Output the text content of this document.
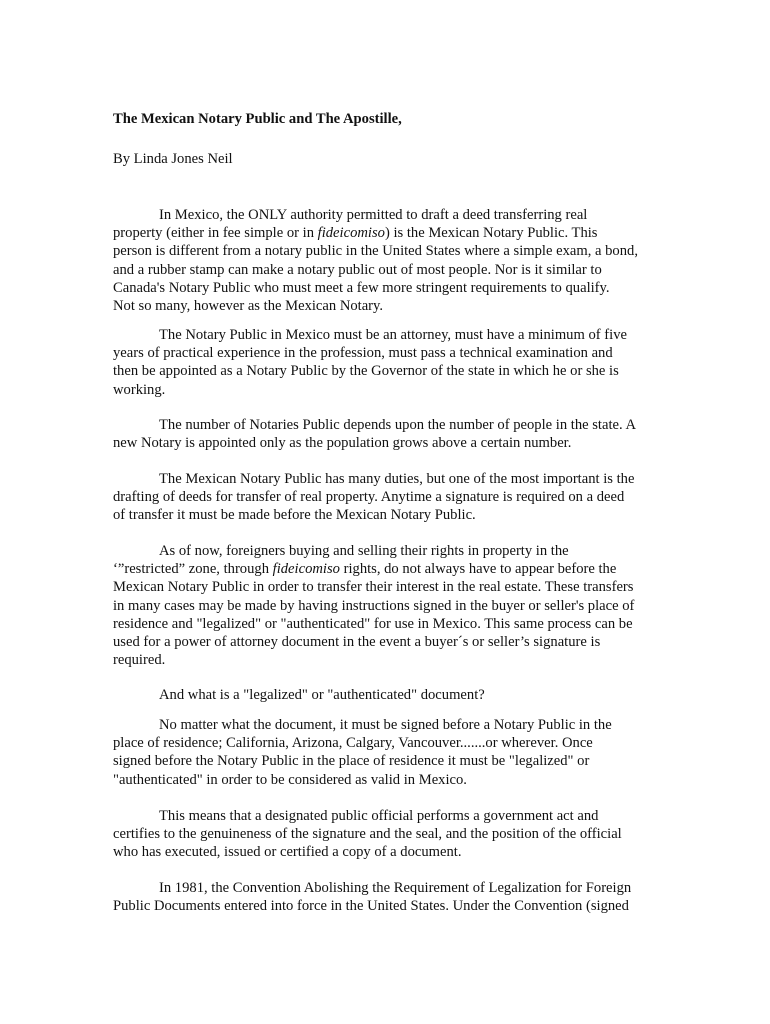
The Mexican Notary Public and The Apostille,

By Linda Jones Neil

In Mexico, the ONLY authority permitted to draft a deed transferring real
property (either in fee simple or in fideicomiso) is the Mexican Notary Public. This
person is different from a notary public in the United States where a simple exam, a bond,
and a rubber stamp can make a notary public out of most people. Nor is it similar to
Canada's Notary Public who must meet a few more stringent requirements to qualify.
Not so many, however as the Mexican Notary.
The Notary Public in Mexico must be an attorney, must have a minimum of five
years of practical experience in the profession, must pass a technical examination and
then be appointed as a Notary Public by the Governor of the state in which he or she is
working.
The number of Notaries Public depends upon the number of people in the state. A
new Notary is appointed only as the population grows above a certain number.
The Mexican Notary Public has many duties, but one of the most important is the
drafting of deeds for transfer of real property. Anytime a signature is required on a deed
of transfer it must be made before the Mexican Notary Public.
As of now, foreigners buying and selling their rights in property in the
‘”restricted” zone, through fideicomiso rights, do not always have to appear before the
Mexican Notary Public in order to transfer their interest in the real estate. These transfers
in many cases may be made by having instructions signed in the buyer or seller's place of
residence and "legalized" or "authenticated" for use in Mexico. This same process can be
used for a power of attorney document in the event a buyer´s or seller’s signature is
required.
And what is a "legalized" or "authenticated" document?
No matter what the document, it must be signed before a Notary Public in the
place of residence; California, Arizona, Calgary, Vancouver.......or wherever. Once
signed before the Notary Public in the place of residence it must be "legalized" or
"authenticated" in order to be considered as valid in Mexico.
This means that a designated public official performs a government act and
certifies to the genuineness of the signature and the seal, and the position of the official
who has executed, issued or certified a copy of a document.
In 1981, the Convention Abolishing the Requirement of Legalization for Foreign
Public Documents entered into force in the United States. Under the Convention (signed
